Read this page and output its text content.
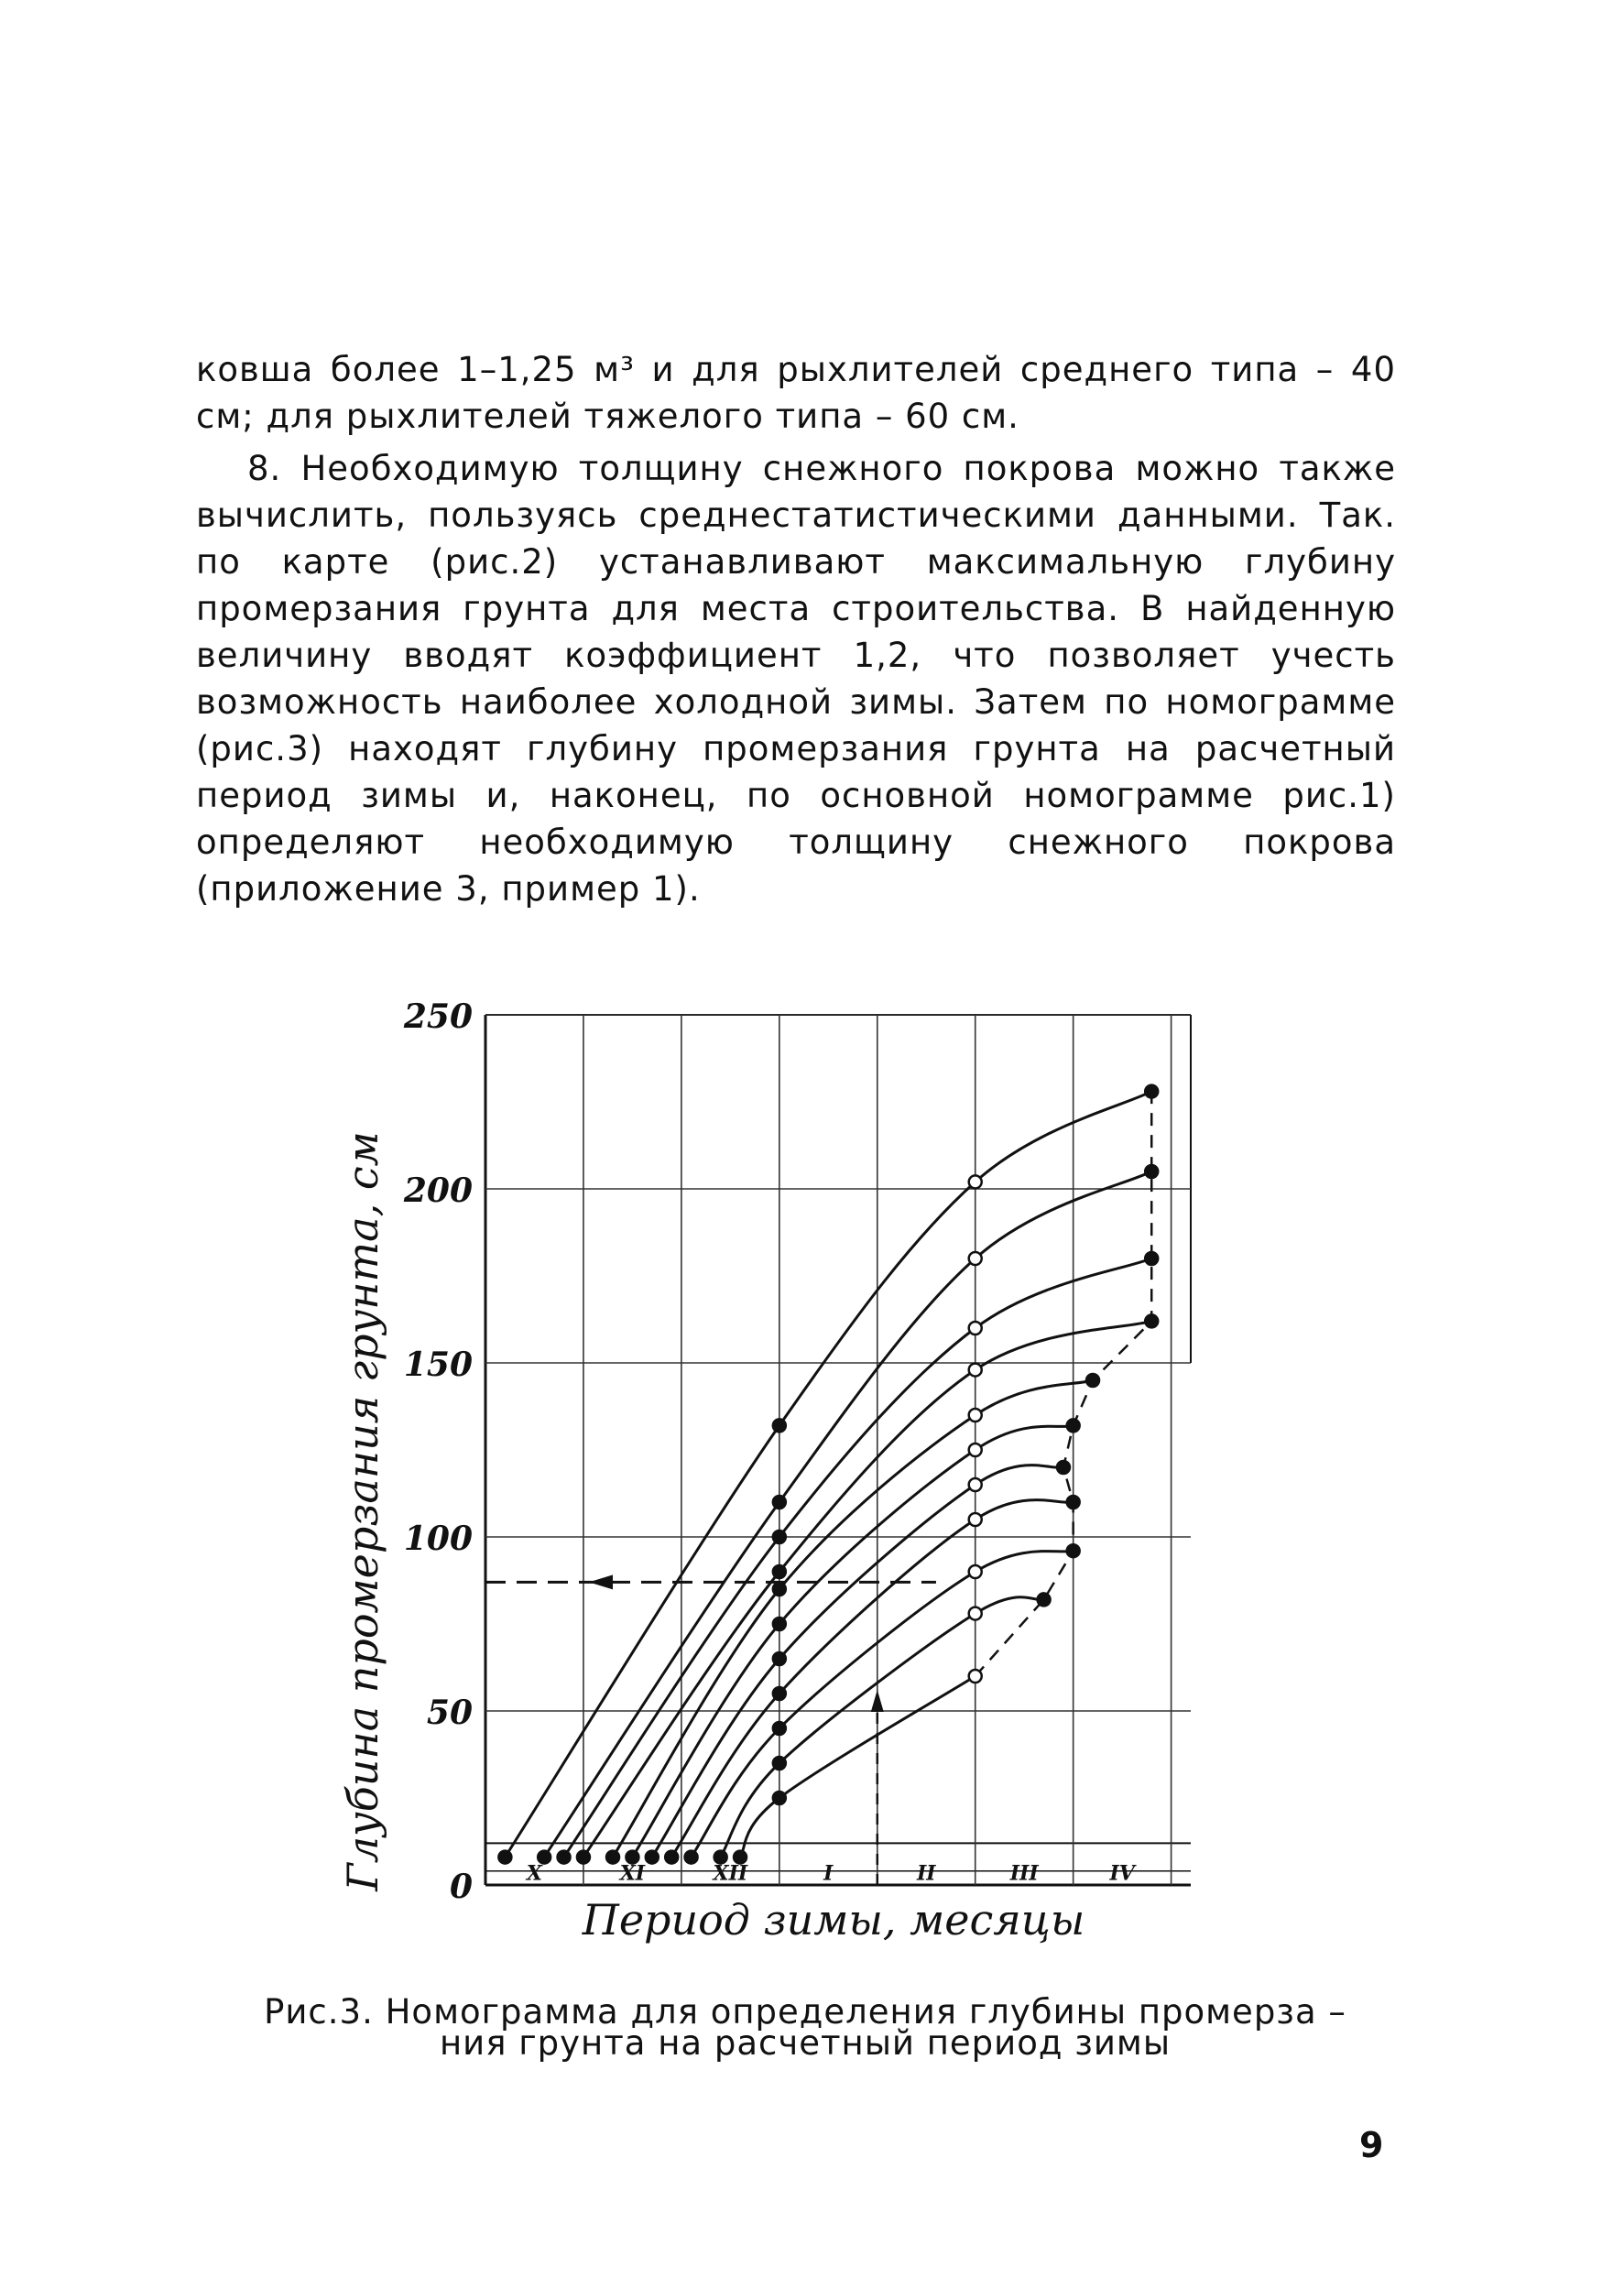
ковша более 1–1,25 м³ и для рыхлителей среднего типа – 40 см; для рыхлителей тяжелого типа – 60 см.

8. Необходимую толщину снежного покрова можно также вычислить, пользуясь среднестатистическими данными. Так. по карте (рис.2) устанавливают максимальную глубину промерзания грунта для места строительства. В найденную величину вводят коэффициент 1,2, что позволяет учесть возможность наиболее холодной зимы. Затем по номограмме (рис.3) находят глубину промерзания грунта на расчетный период зимы и, наконец, по основной номограмме рис.1) определяют необходимую толщину снежного покрова (приложение 3, пример 1).

0
50
100
150
200
250
X	XI	XII	I	II	III	IV
Глубина промерзания грунта, см
Период зимы, месяцы
Рис.3. Номограмма для определения глубины промерза –
ния грунта на расчетный период зимы
9
